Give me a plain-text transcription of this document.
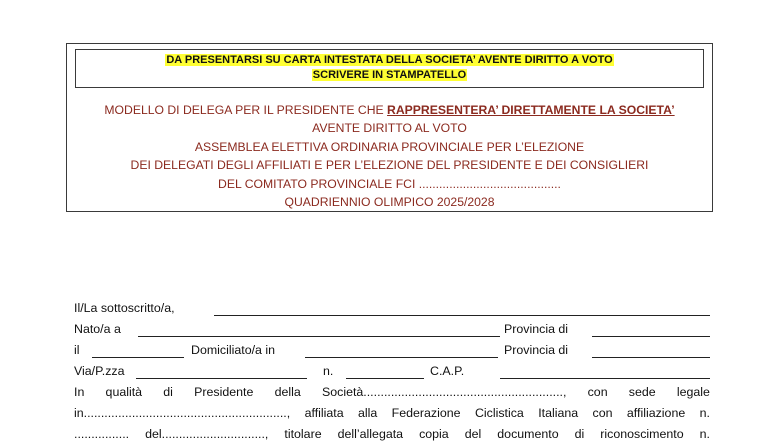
DA PRESENTARSI SU CARTA INTESTATA DELLA SOCIETA’ AVENTE DIRITTO A VOTO
SCRIVERE IN STAMPATELLO
MODELLO DI DELEGA PER IL PRESIDENTE CHE RAPPRESENTERA’ DIRETTAMENTE LA SOCIETA’
AVENTE DIRITTO AL VOTO
ASSEMBLEA ELETTIVA ORDINARIA PROVINCIALE PER L’ELEZIONE
DEI DELEGATI DEGLI AFFILIATI E PER L’ELEZIONE DEL PRESIDENTE E DEI CONSIGLIERI
DEL COMITATO PROVINCIALE FCI ..........................................
QUADRIENNIO OLIMPICO 2025/2028
Il/La sottoscritto/a,
Nato/a a	Provincia di
il	Domiciliato/a in	Provincia di
Via/P.zza	n.	C.A.P.
In qualità di Presidente della Società.........................................................., con sede legale
in..........................................................., affiliata alla Federazione Ciclistica Italiana con affiliazione n.
................ del.............................., titolare dell’allegata copia del documento di riconoscimento n.
